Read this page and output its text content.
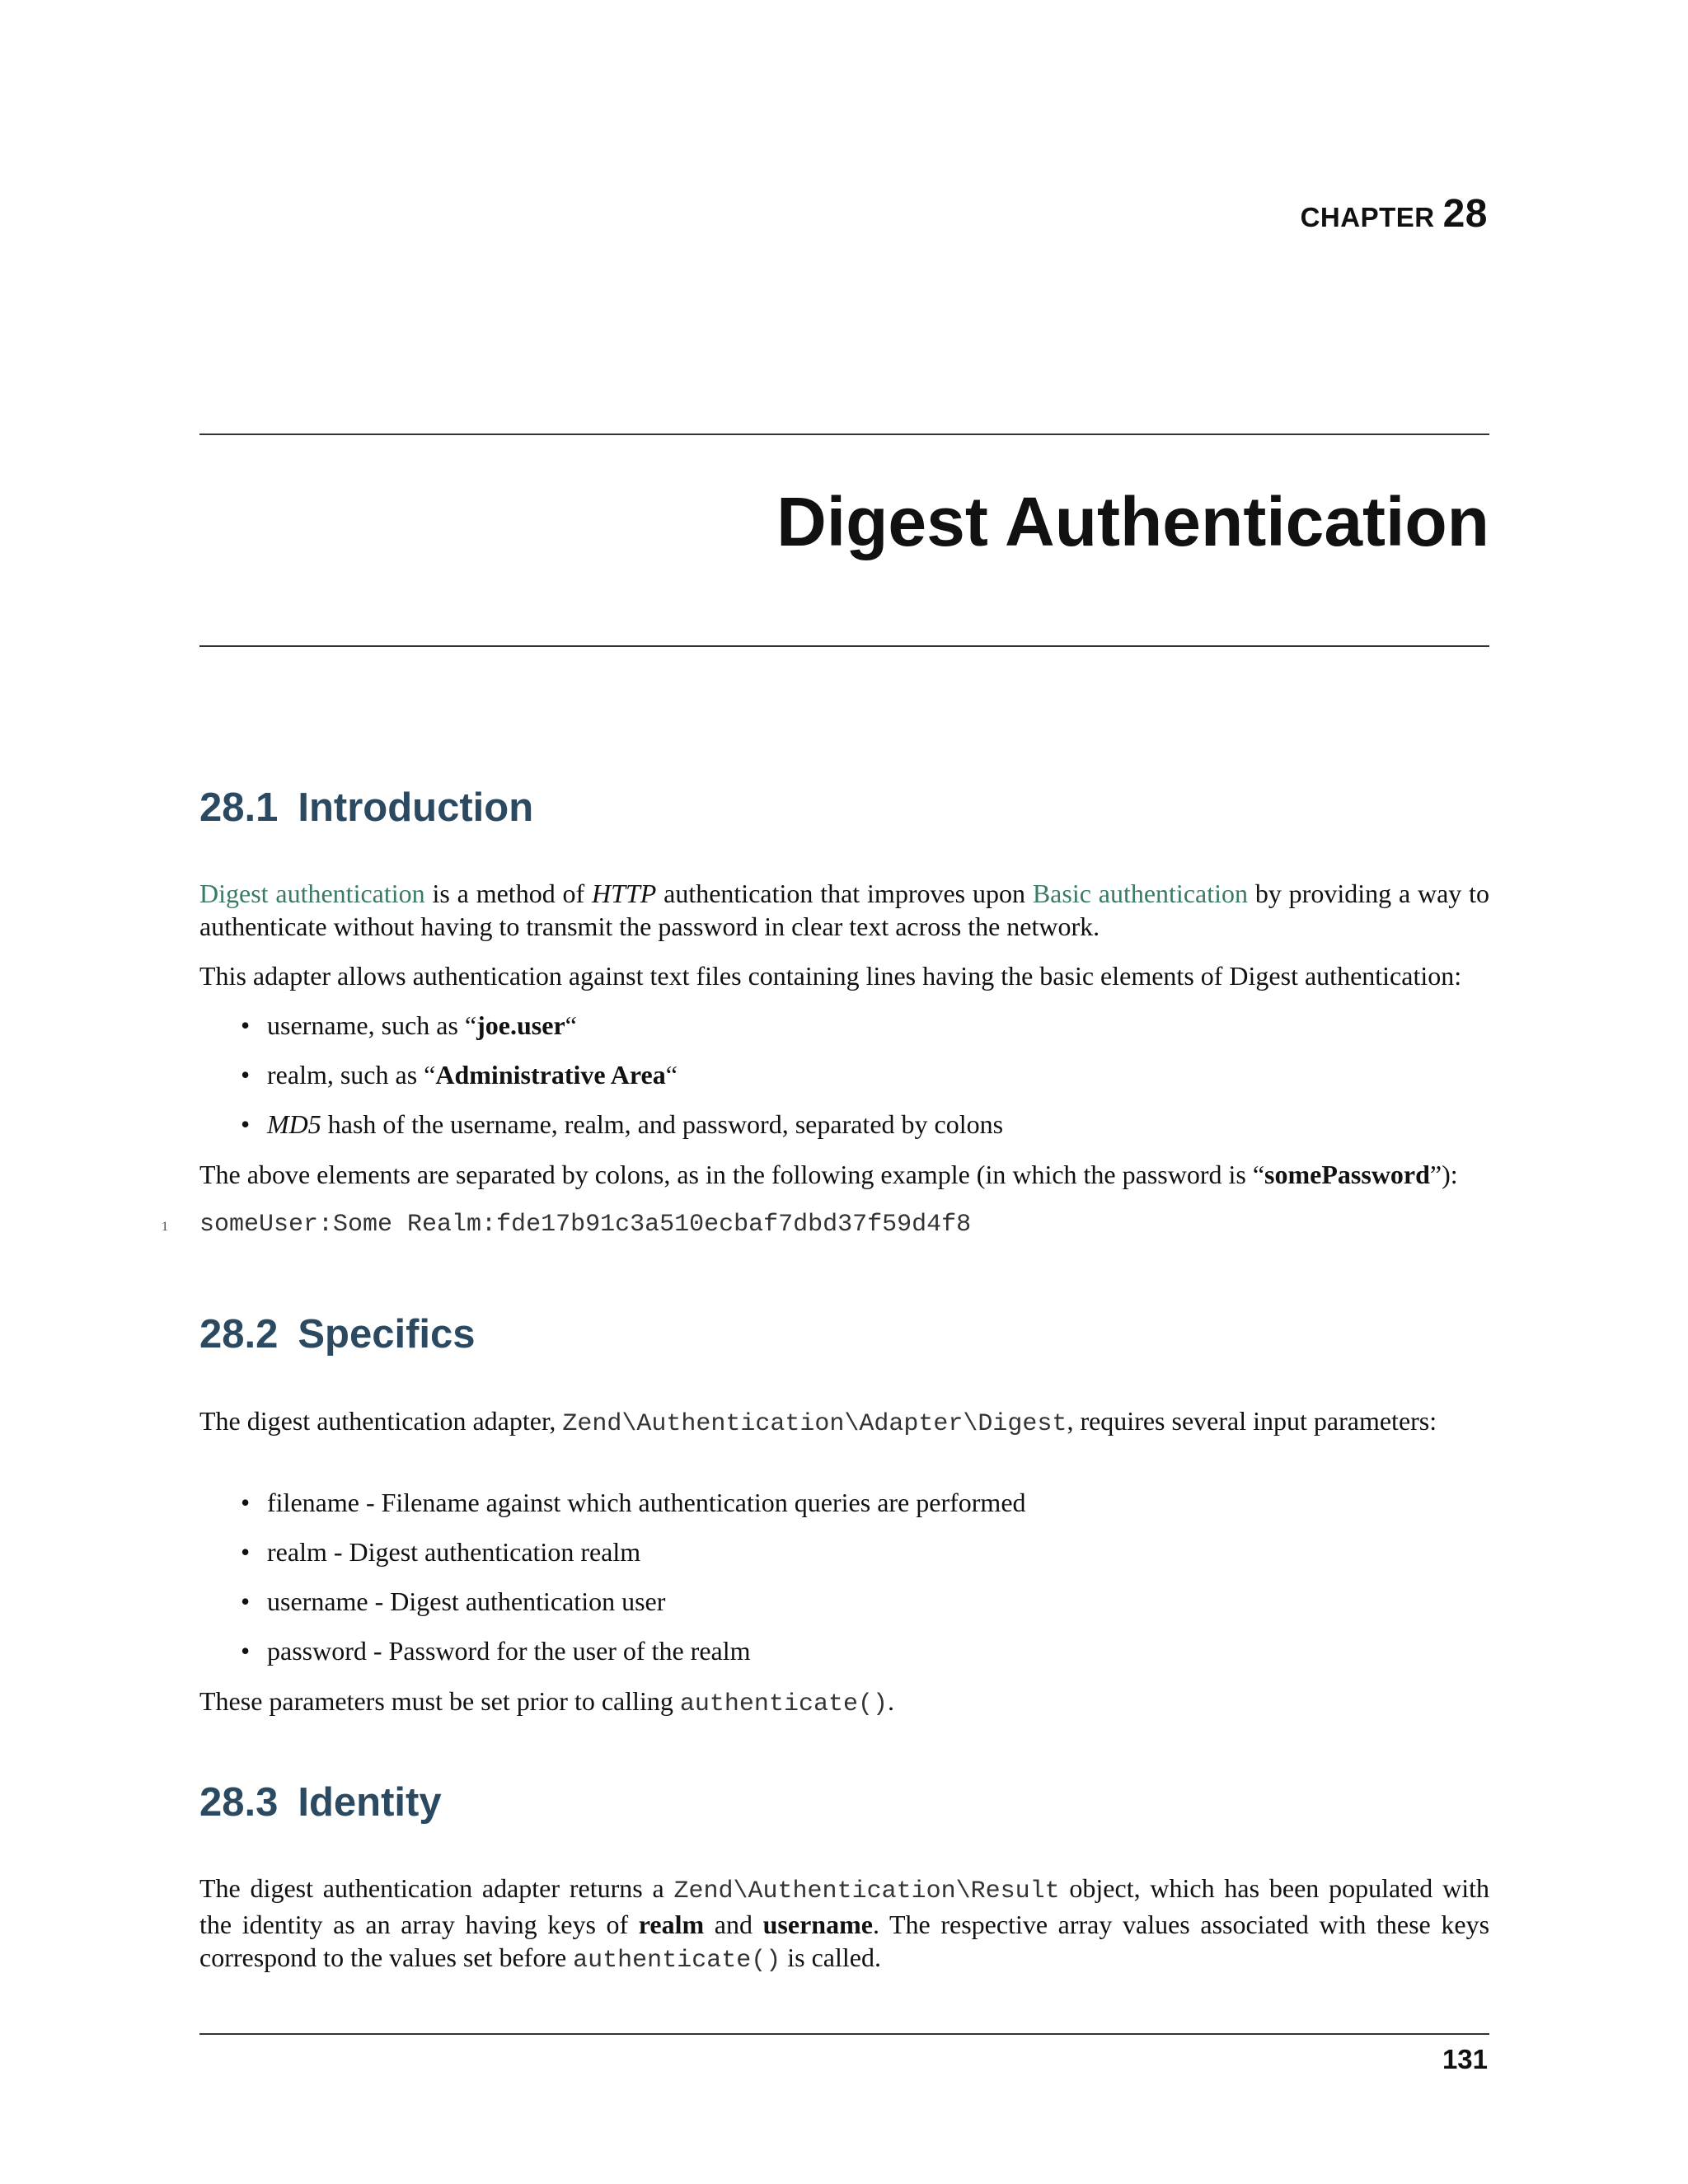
CHAPTER 28
Digest Authentication
28.1 Introduction
Digest authentication is a method of HTTP authentication that improves upon Basic authentication by providing a way to authenticate without having to transmit the password in clear text across the network.
This adapter allows authentication against text files containing lines having the basic elements of Digest authentication:
• username, such as “joe.user“
• realm, such as “Administrative Area“
• MD5 hash of the username, realm, and password, separated by colons
The above elements are separated by colons, as in the following example (in which the password is “somePassword”):
1	someUser:Some Realm:fde17b91c3a510ecbaf7dbd37f59d4f8
28.2 Specifics
The digest authentication adapter, Zend\Authentication\Adapter\Digest, requires several input parameters:
• filename - Filename against which authentication queries are performed
• realm - Digest authentication realm
• username - Digest authentication user
• password - Password for the user of the realm
These parameters must be set prior to calling authenticate().
28.3 Identity
The digest authentication adapter returns a Zend\Authentication\Result object, which has been populated with the identity as an array having keys of realm and username. The respective array values associated with these keys correspond to the values set before authenticate() is called.
131
